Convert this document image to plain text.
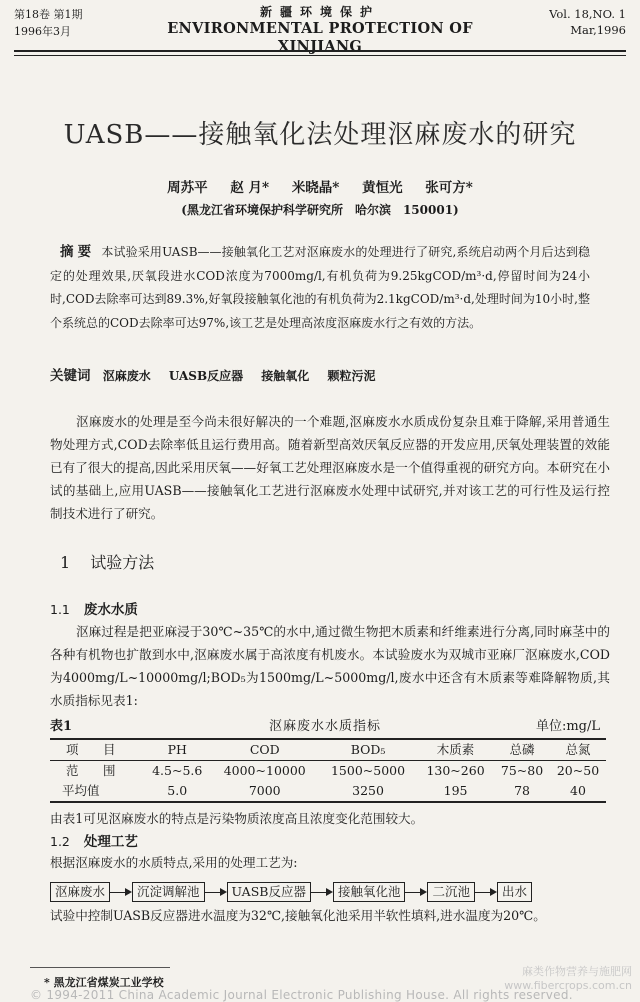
第18卷 第1期
1996年3月
新疆环境保护
ENVIRONMENTAL PROTECTION OF XINJIANG
Vol. 18,NO. 1
Mar,1996
UASB——接触氧化法处理沤麻废水的研究
周苏平 赵 月* 米晓晶* 黄恒光 张可方*
(黑龙江省环境保护科学研究所　哈尔滨　150001)
摘要 本试验采用UASB——接触氧化工艺对沤麻废水的处理进行了研究,系统启动两个月后达到稳定的处理效果,厌氧段进水COD浓度为7000mg/l,有机负荷为9.25kgCOD/m³·d,停留时间为24小时,COD去除率可达到89.3%,好氧段接触氧化池的有机负荷为2.1kgCOD/m³·d,处理时间为10小时,整个系统总的COD去除率可达97%,该工艺是处理高浓度沤麻废水行之有效的方法。
关键词 沤麻废水 UASB反应器 接触氧化 颗粒污泥
沤麻废水的处理是至今尚未很好解决的一个难题,沤麻废水水质成份复杂且难于降解,采用普通生物处理方式,COD去除率低且运行费用高。随着新型高效厌氧反应器的开发应用,厌氧处理装置的效能已有了很大的提高,因此采用厌氧——好氧工艺处理沤麻废水是一个值得重视的研究方向。本研究在小试的基础上,应用UASB——接触氧化工艺进行沤麻废水处理中试研究,并对该工艺的可行性及运行控制技术进行了研究。
1 试验方法
1.1 废水水质
沤麻过程是把亚麻浸于30℃~35℃的水中,通过微生物把木质素和纤维素进行分离,同时麻茎中的各种有机物也扩散到水中,沤麻废水属于高浓度有机废水。本试验废水为双城市亚麻厂沤麻废水,COD为4000mg/L~10000mg/l;BOD₅为1500mg/L~5000mg/l,废水中还含有木质素等难降解物质,其水质指标见表1:
表1	沤麻废水水质指标	单位:mg/L
项　目	PH	COD	BOD₅	木质素	总磷	总氮
范　围	4.5~5.6	4000~10000	1500~5000	130~260	75~80	20~50
平均值	5.0	7000	3250	195	78	40
由表1可见沤麻废水的特点是污染物质浓度高且浓度变化范围较大。
1.2 处理工艺
根据沤麻废水的水质特点,采用的处理工艺为:
沤麻废水	沉淀调解池	UASB反应器	接触氧化池	二沉池	出水
试验中控制UASB反应器进水温度为32℃,接触氧化池采用半软性填料,进水温度为20℃。
* 黑龙江省煤炭工业学校
麻类作物营养与施肥网
www.fibercrops.com.cn
© 1994-2011 China Academic Journal Electronic Publishing House. All rights reserved.
